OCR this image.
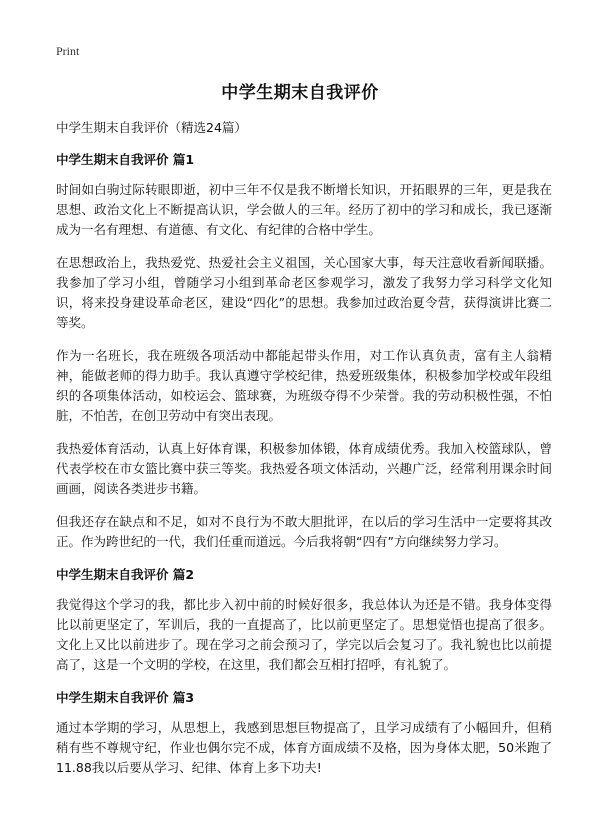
Print
中学生期末自我评价

中学生期末自我评价（精选24篇）

中学生期末自我评价 篇1

时间如白驹过际转眼即逝，初中三年不仅是我不断增长知识，开拓眼界的三年，更是我在思想、政治文化上不断提高认识，学会做人的三年。经历了初中的学习和成长，我已逐渐成为一名有理想、有道德、有文化、有纪律的合格中学生。

在思想政治上，我热爱党、热爱社会主义祖国，关心国家大事，每天注意收看新闻联播。我参加了学习小组，曾随学习小组到革命老区参观学习，激发了我努力学习科学文化知识，将来投身建设革命老区，建设“四化”的思想。我参加过政治夏令营，获得演讲比赛二等奖。

作为一名班长，我在班级各项活动中都能起带头作用，对工作认真负责，富有主人翁精神，能做老师的得力助手。我认真遵守学校纪律，热爱班级集体，积极参加学校或年段组织的各项集体活动，如校运会、篮球赛，为班级夺得不少荣誉。我的劳动积极性强，不怕脏，不怕苦，在创卫劳动中有突出表现。

我热爱体育活动，认真上好体育课，积极参加体锻，体育成绩优秀。我加入校篮球队，曾代表学校在市女篮比赛中获三等奖。我热爱各项文体活动，兴趣广泛，经常利用课余时间画画，阅读各类进步书籍。

但我还存在缺点和不足，如对不良行为不敢大胆批评，在以后的学习生活中一定要将其改正。作为跨世纪的一代，我们任重而道远。今后我将朝“四有”方向继续努力学习。

中学生期末自我评价 篇2

我觉得这个学习的我，都比步入初中前的时候好很多，我总体认为还是不错。我身体变得比以前更坚定了，军训后，我的一直提高了，比以前更坚定了。思想觉悟也提高了很多。文化上又比以前进步了。现在学习之前会预习了，学完以后会复习了。我礼貌也比以前提高了，这是一个文明的学校，在这里，我们都会互相打招呼，有礼貌了。

中学生期末自我评价 篇3

通过本学期的学习，从思想上，我感到思想巨物提高了，且学习成绩有了小幅回升，但稍稍有些不尊规守纪，作业也偶尔完不成，体育方面成绩不及格，因为身体太肥，50米跑了11.88我以后要从学习、纪律、体育上多下功夫!
